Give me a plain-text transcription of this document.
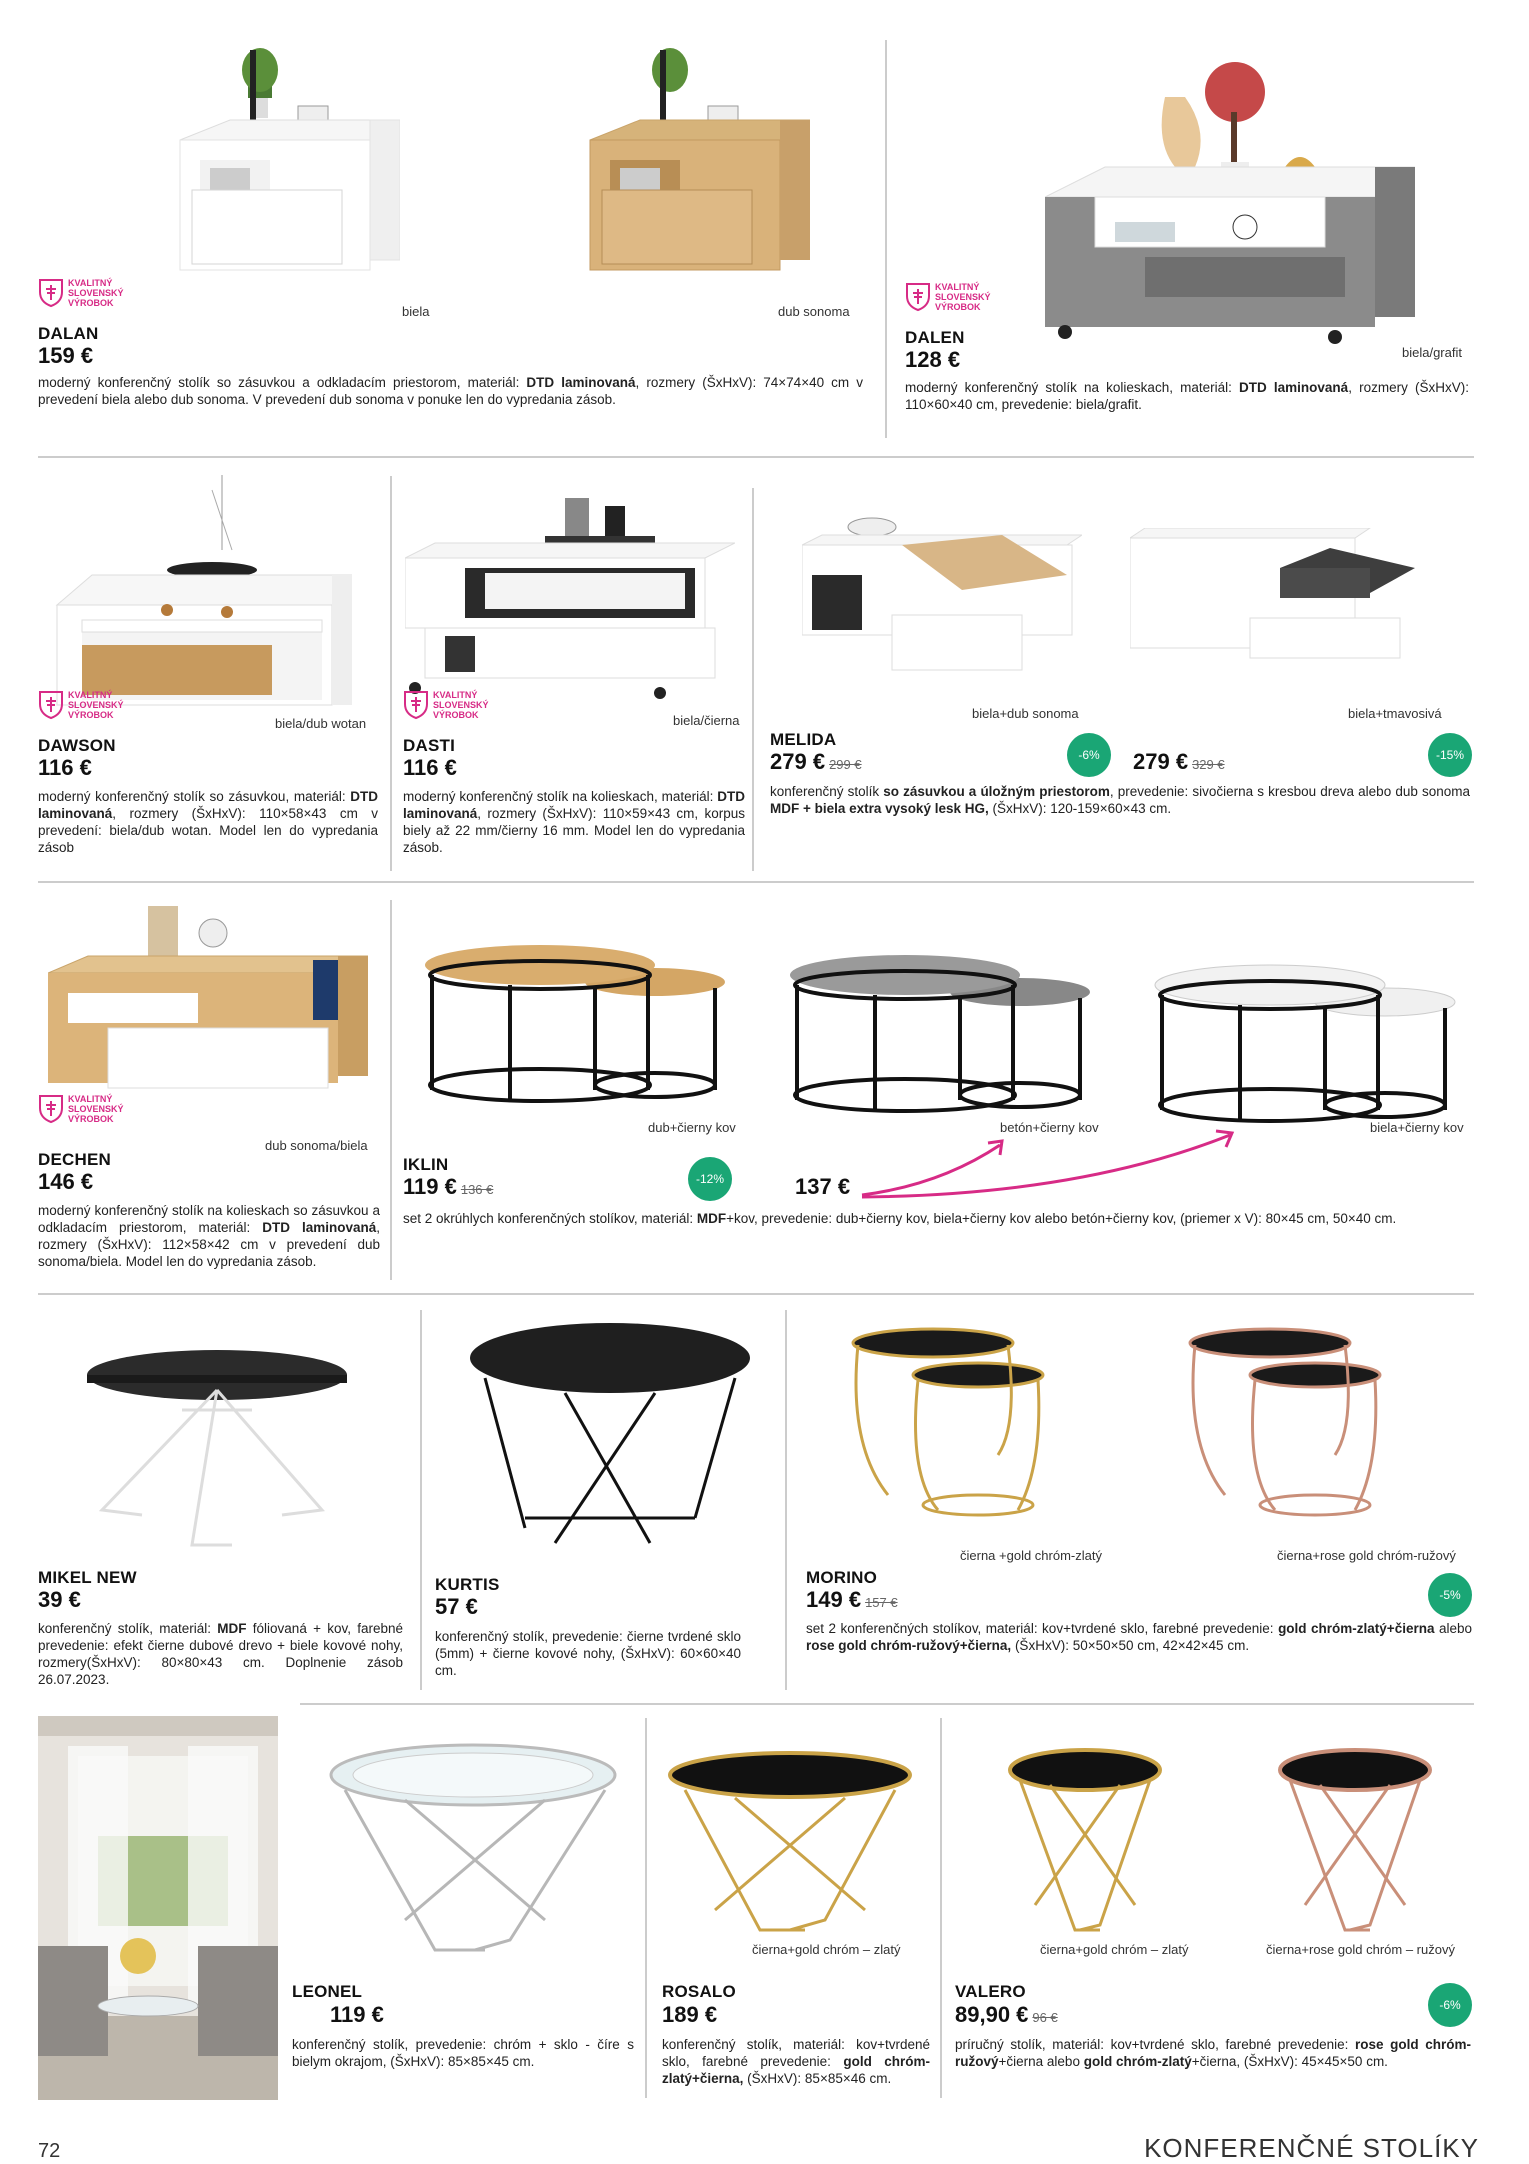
KVALITNÝ
SLOVENSKÝ
VÝROBOK
biela	dub sonoma
DALAN
159 €
moderný konferenčný stolík so zásuvkou a odkladacím priestorom, materiál: DTD laminovaná, rozmery (ŠxHxV): 74×74×40 cm v prevedení biela alebo dub sonoma. V prevedení dub sonoma v ponuke len do vypredania zásob.
KVALITNÝ
SLOVENSKÝ
VÝROBOK
DALEN
128 €	biela/grafit
moderný konferenčný stolík na kolieskach, materiál: DTD laminovaná, rozmery (ŠxHxV): 110×60×40 cm, prevedenie: biela/grafit.
KVALITNÝ
SLOVENSKÝ
VÝROBOK
biela/dub wotan
DAWSON
116 €
moderný konferenčný stolík so zásuvkou, materiál: DTD laminovaná, rozmery (ŠxHxV): 110×58×43 cm v prevedení: biela/dub wotan. Model len do vypredania zásob
KVALITNÝ
SLOVENSKÝ
VÝROBOK	biela/čierna
DASTI
116 €
moderný konferenčný stolík na kolieskach, materiál: DTD laminovaná, rozmery (ŠxHxV): 110×59×43 cm, korpus biely až 22 mm/čierny 16 mm. Model len do vypredania zásob.
biela+dub sonoma	biela+tmavosivá
MELIDA
279 € 299 €
-6%	279 € 329 €
-15%
konferenčný stolík so zásuvkou a úložným priestorom, prevedenie: sivočierna s kresbou dreva alebo dub sonoma MDF + biela extra vysoký lesk HG, (ŠxHxV): 120-159×60×43 cm.
KVALITNÝ
SLOVENSKÝ
VÝROBOK
dub sonoma/biela
DECHEN
146 €
moderný konferenčný stolík na kolieskach so zásuvkou a odkladacím priestorom, materiál: DTD laminovaná, rozmery (ŠxHxV): 112×58×42 cm v prevedení dub sonoma/biela. Model len do vypredania zásob.
dub+čierny kov	betón+čierny kov	biela+čierny kov
IKLIN
119 € 136 €
-12%	137 €
set 2 okrúhlych konferenčných stolíkov, materiál: MDF+kov, prevedenie: dub+čierny kov, biela+čierny kov alebo betón+čierny kov, (priemer x V): 80×45 cm, 50×40 cm.
MIKEL NEW
39 €
konferenčný stolík, materiál: MDF fóliovaná + kov, farebné prevedenie: efekt čierne dubové drevo + biele kovové nohy, rozmery(ŠxHxV): 80×80×43 cm. Doplnenie zásob 26.07.2023.
KURTIS
57 €
konferenčný stolík, prevedenie: čierne tvrdené sklo (5mm) + čierne kovové nohy, (ŠxHxV): 60×60×40 cm.
čierna +gold chróm-zlatý	čierna+rose gold chróm-ružový
MORINO
149 € 157 €	-5%
set 2 konferenčných stolíkov, materiál: kov+tvrdené sklo, farebné prevedenie: gold chróm-zlatý+čierna alebo rose gold chróm-ružový+čierna, (ŠxHxV): 50×50×50 cm, 42×42×45 cm.
LEONEL
119 €
konferenčný stolík, prevedenie: chróm + sklo - číre s bielym okrajom, (ŠxHxV): 85×85×45 cm.
čierna+gold chróm – zlatý
ROSALO
189 €
konferenčný stolík, materiál: kov+tvrdené sklo, farebné prevedenie: gold chróm-zlatý+čierna, (ŠxHxV): 85×85×46 cm.
čierna+gold chróm – zlatý	čierna+rose gold chróm – ružový
VALERO
89,90 € 96 €
-6%
príručný stolík, materiál: kov+tvrdené sklo, farebné prevedenie: rose gold chróm-ružový+čierna alebo gold chróm-zlatý+čierna, (ŠxHxV): 45×45×50 cm.
72	KONFERENČNÉ STOLÍKY
